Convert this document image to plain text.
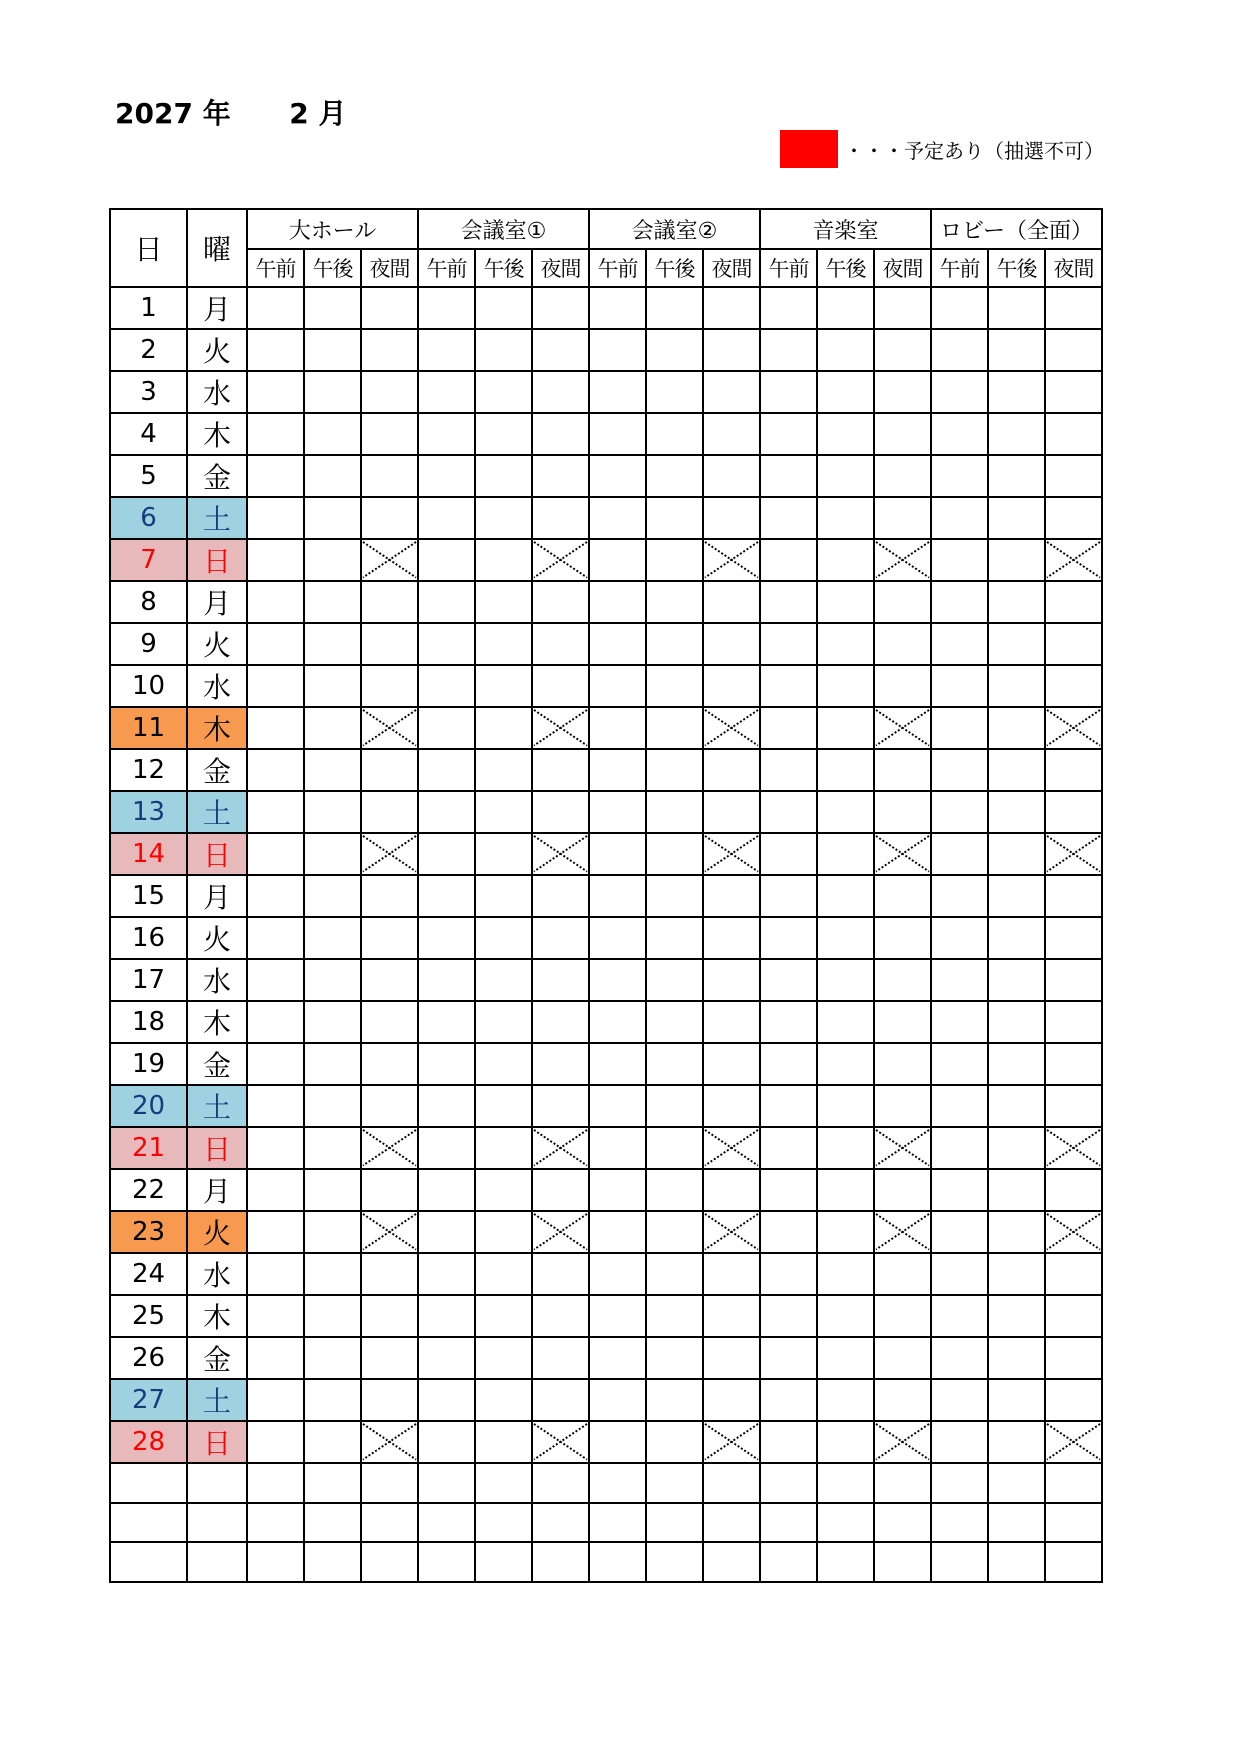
2027 年 2 月
・・・予定あり（抽選不可）
日	曜	大ホール			会議室①			会議室②			音楽室			ロビー（全面）		
		午前	午後	夜間	午前	午後	夜間	午前	午後	夜間	午前	午後	夜間	午前	午後	夜間
1	月															
2	火															
3	水															
4	木															
5	金															
6	土															
7	日			

8	月															
9	火															
10	水															
11	木			

12	金															
13	土															
14	日			

15	月															
16	火															
17	水															
18	木															
19	金															
20	土															
21	日			

22	月															
23	火			

24	水															
25	木															
26	金															
27	土															
28	日			
